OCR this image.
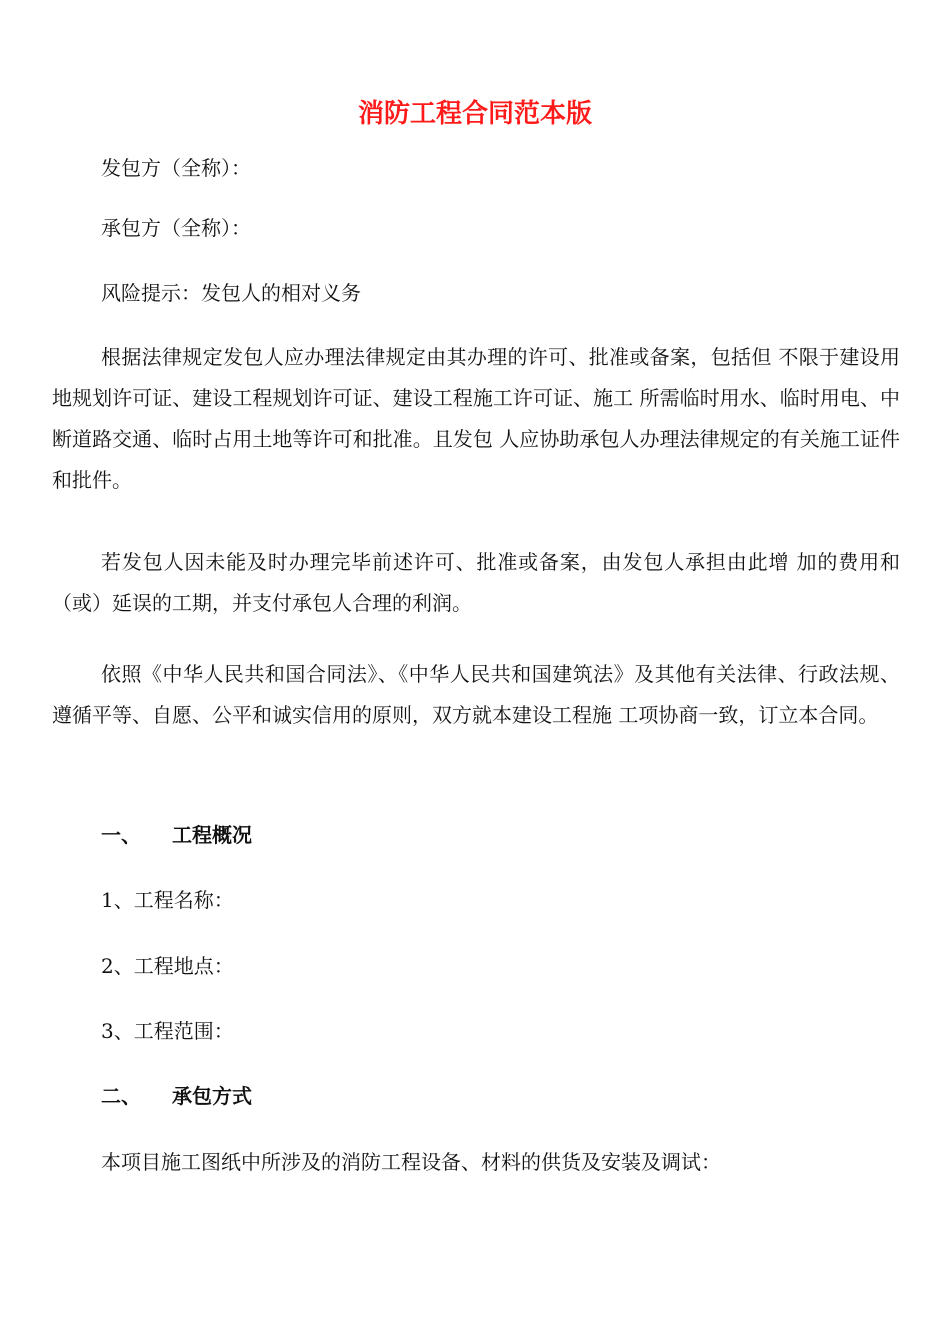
消防工程合同范本版

发包方（全称）：

承包方（全称）：

风险提示：发包人的相对义务

根据法律规定发包人应办理法律规定由其办理的许可、批准或备案，包括但 不限于建设用地规划许可证、建设工程规划许可证、建设工程施工许可证、施工 所需临时用水、临时用电、中断道路交通、临时占用土地等许可和批准。且发包 人应协助承包人办理法律规定的有关施工证件和批件。

若发包人因未能及时办理完毕前述许可、批准或备案，由发包人承担由此增 加的费用和（或）延误的工期，并支付承包人合理的利润。

依照《中华人民共和国合同法》、《中华人民共和国建筑法》及其他有关法律、行政法规、遵循平等、自愿、公平和诚实信用的原则，双方就本建设工程施 工项协商一致，订立本合同。

一、 工程概况

1、工程名称：

2、工程地点：

3、工程范围：

二、 承包方式

本项目施工图纸中所涉及的消防工程设备、材料的供货及安装及调试：
